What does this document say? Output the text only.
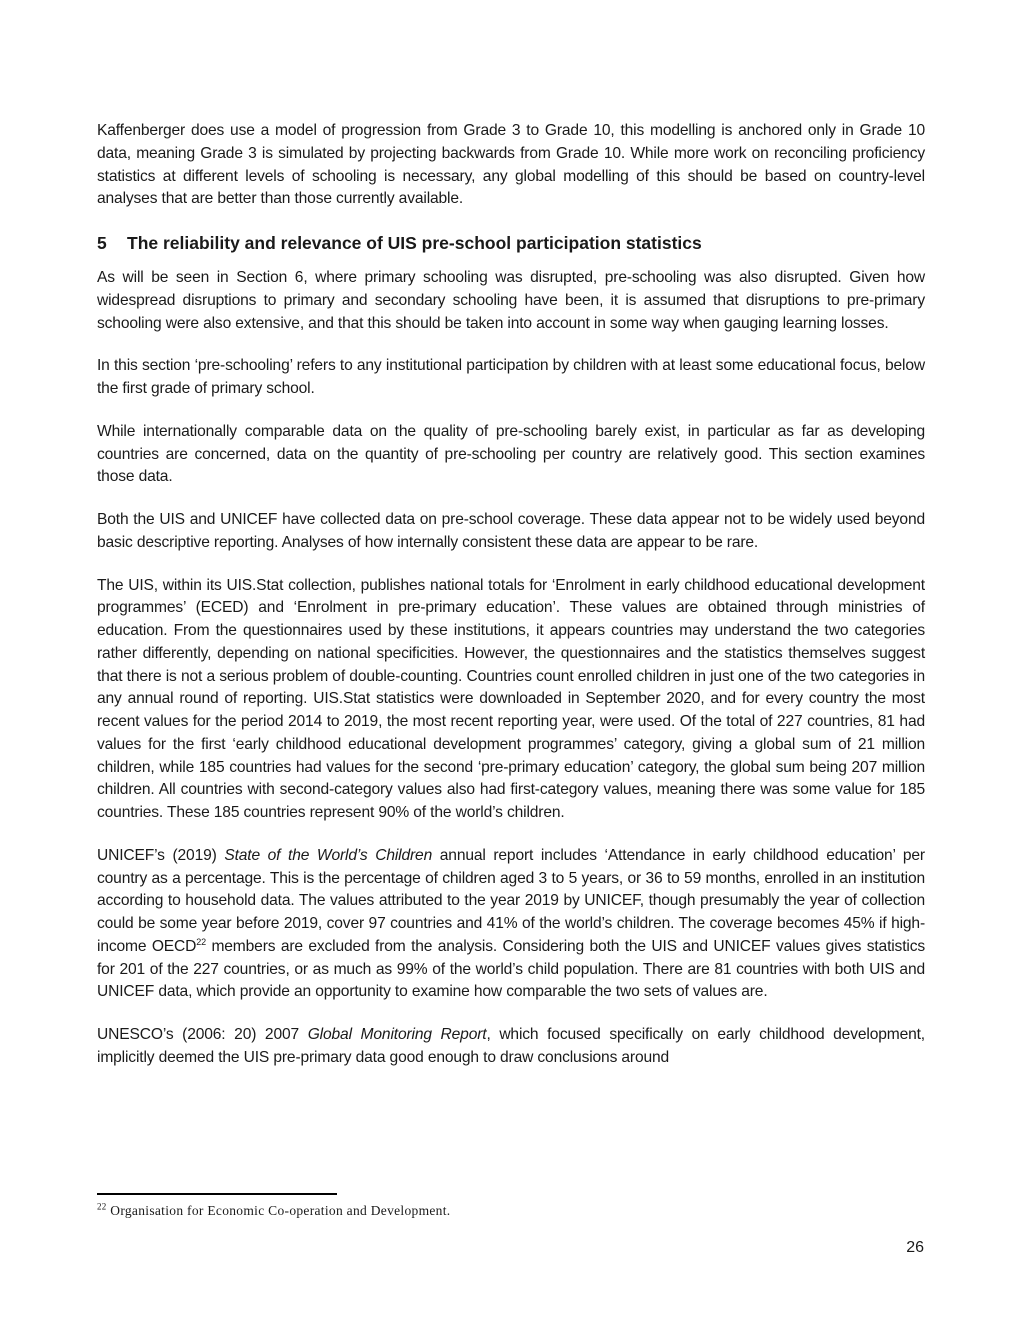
Kaffenberger does use a model of progression from Grade 3 to Grade 10, this modelling is anchored only in Grade 10 data, meaning Grade 3 is simulated by projecting backwards from Grade 10. While more work on reconciling proficiency statistics at different levels of schooling is necessary, any global modelling of this should be based on country-level analyses that are better than those currently available.

5 The reliability and relevance of UIS pre-school participation statistics

As will be seen in Section 6, where primary schooling was disrupted, pre-schooling was also disrupted. Given how widespread disruptions to primary and secondary schooling have been, it is assumed that disruptions to pre-primary schooling were also extensive, and that this should be taken into account in some way when gauging learning losses.

In this section ‘pre-schooling’ refers to any institutional participation by children with at least some educational focus, below the first grade of primary school.

While internationally comparable data on the quality of pre-schooling barely exist, in particular as far as developing countries are concerned, data on the quantity of pre-schooling per country are relatively good. This section examines those data.

Both the UIS and UNICEF have collected data on pre-school coverage. These data appear not to be widely used beyond basic descriptive reporting. Analyses of how internally consistent these data are appear to be rare.

The UIS, within its UIS.Stat collection, publishes national totals for ‘Enrolment in early childhood educational development programmes’ (ECED) and ‘Enrolment in pre-primary education’. These values are obtained through ministries of education. From the questionnaires used by these institutions, it appears countries may understand the two categories rather differently, depending on national specificities. However, the questionnaires and the statistics themselves suggest that there is not a serious problem of double-counting. Countries count enrolled children in just one of the two categories in any annual round of reporting. UIS.Stat statistics were downloaded in September 2020, and for every country the most recent values for the period 2014 to 2019, the most recent reporting year, were used. Of the total of 227 countries, 81 had values for the first ‘early childhood educational development programmes’ category, giving a global sum of 21 million children, while 185 countries had values for the second ‘pre-primary education’ category, the global sum being 207 million children. All countries with second-category values also had first-category values, meaning there was some value for 185 countries. These 185 countries represent 90% of the world’s children.

UNICEF’s (2019) State of the World’s Children annual report includes ‘Attendance in early childhood education’ per country as a percentage. This is the percentage of children aged 3 to 5 years, or 36 to 59 months, enrolled in an institution according to household data. The values attributed to the year 2019 by UNICEF, though presumably the year of collection could be some year before 2019, cover 97 countries and 41% of the world’s children. The coverage becomes 45% if high-income OECD$^{22}$ members are excluded from the analysis. Considering both the UIS and UNICEF values gives statistics for 201 of the 227 countries, or as much as 99% of the world’s child population. There are 81 countries with both UIS and UNICEF data, which provide an opportunity to examine how comparable the two sets of values are.

UNESCO’s (2006: 20) 2007 Global Monitoring Report, which focused specifically on early childhood development, implicitly deemed the UIS pre-primary data good enough to draw conclusions around

$^{22}$ Organisation for Economic Co-operation and Development.
26
